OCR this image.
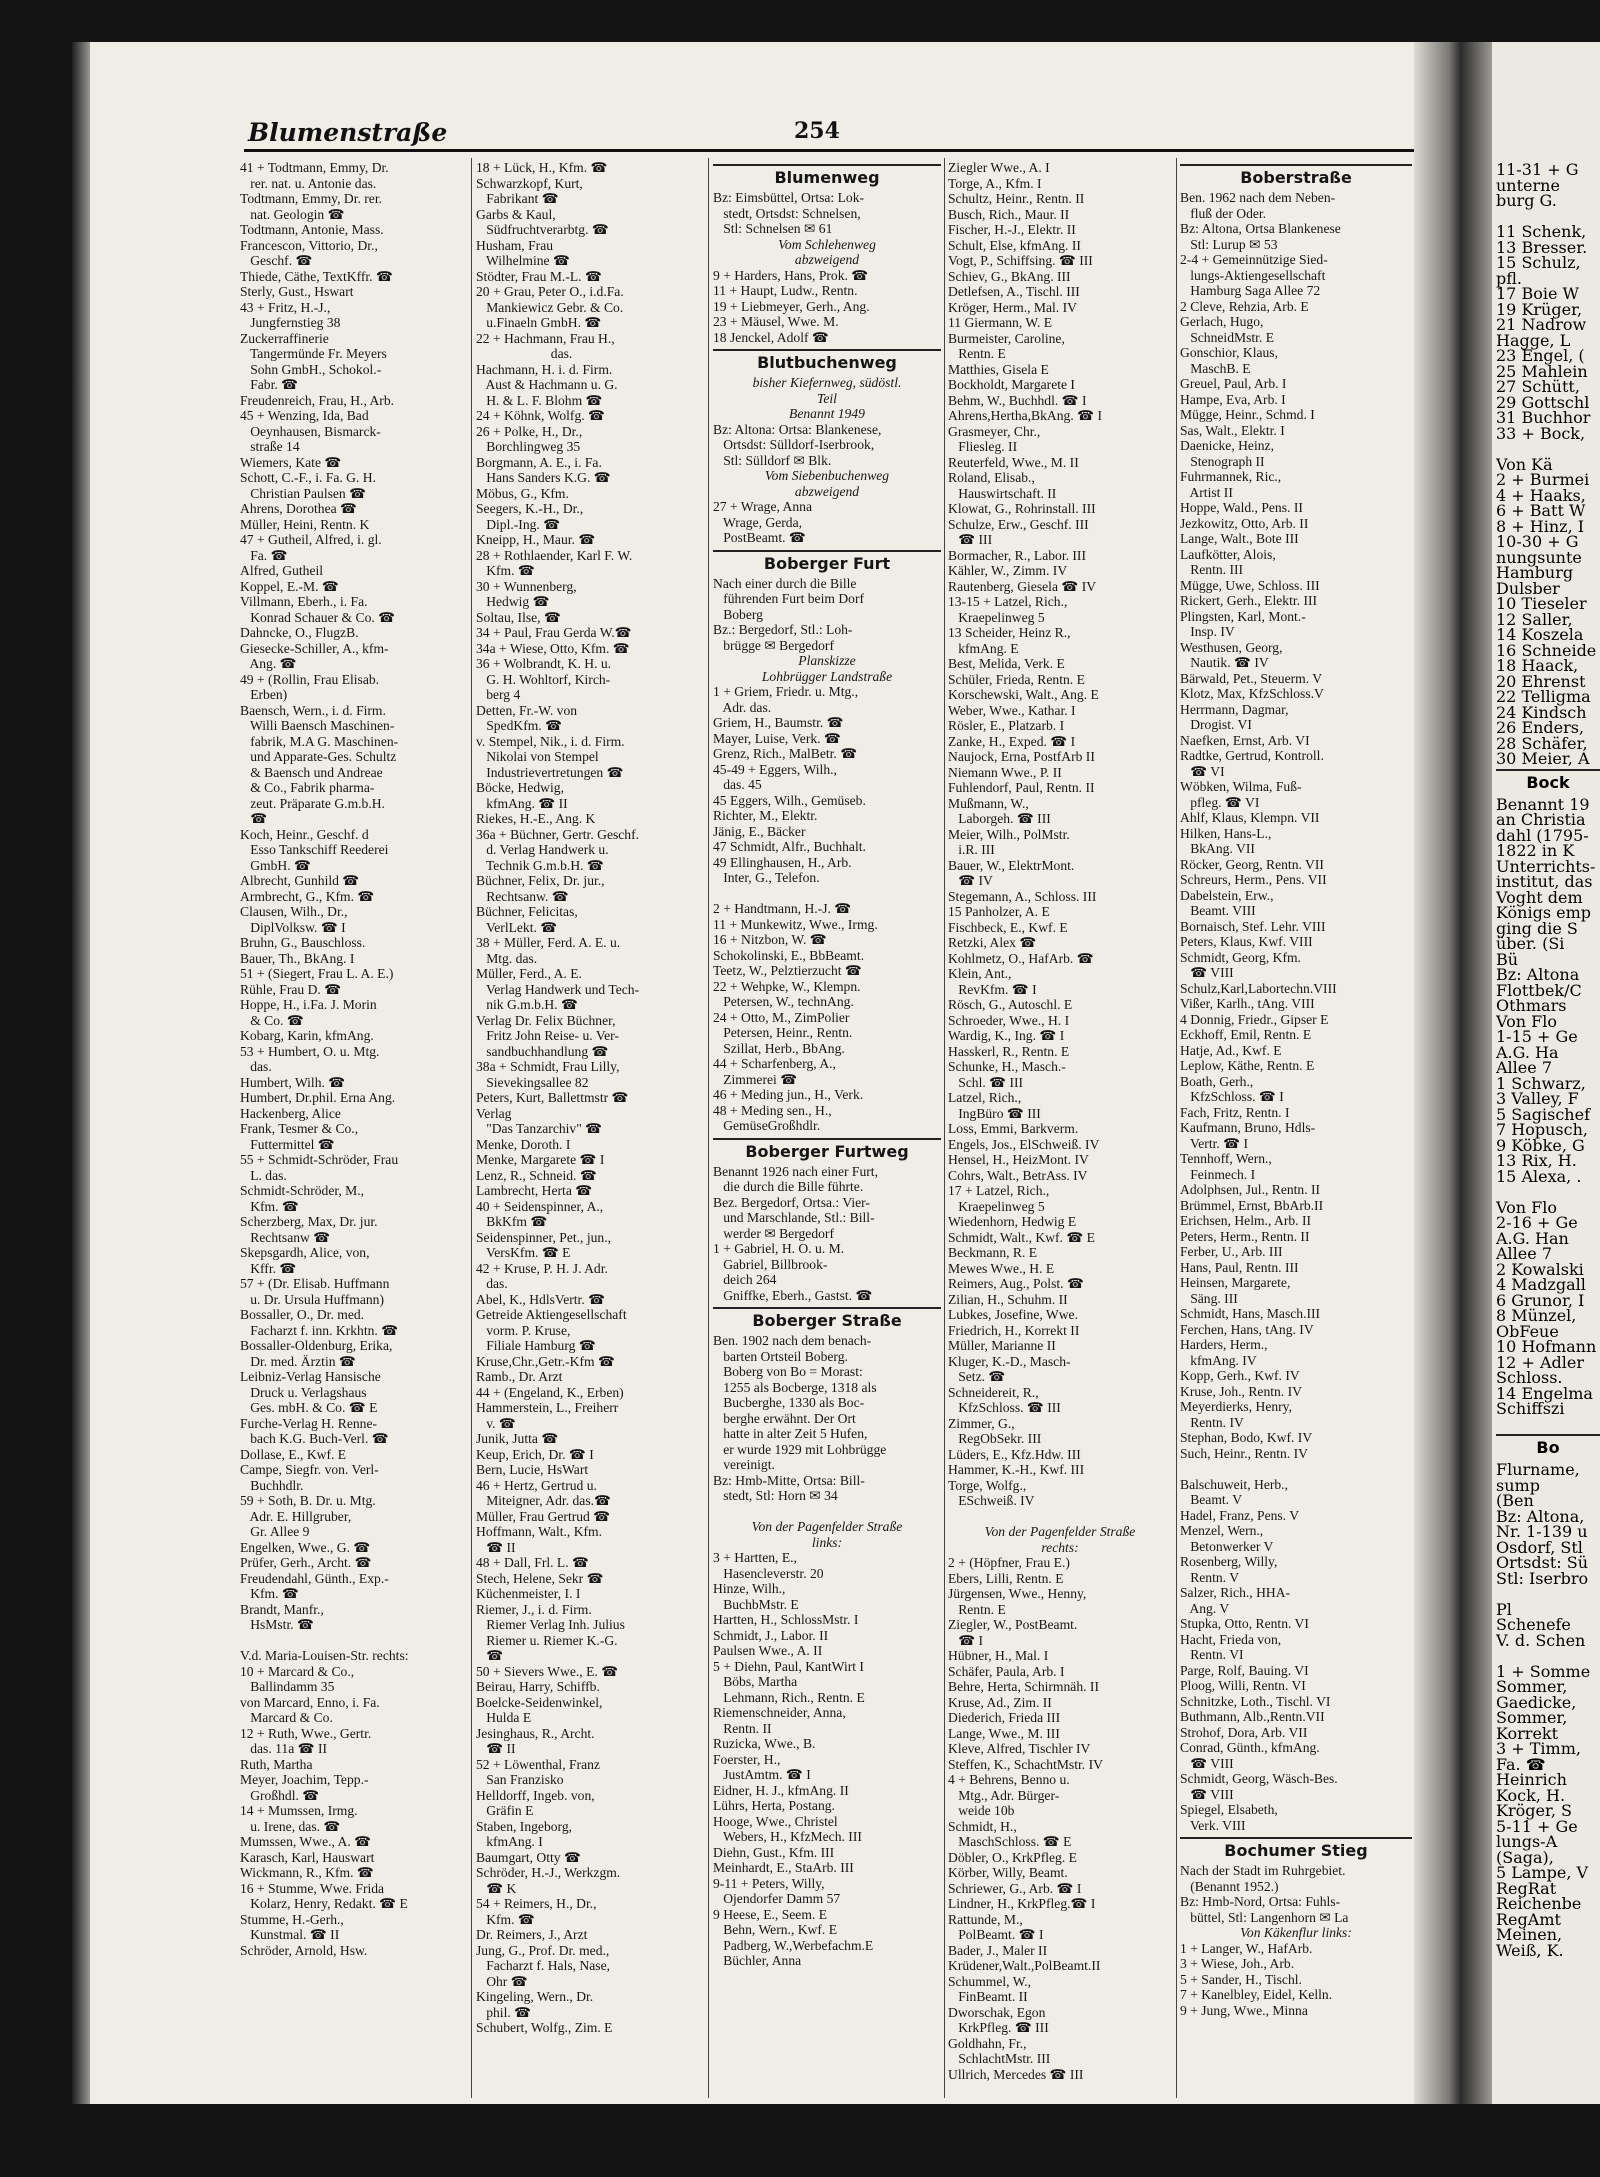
11-31 + G
unterne
burg G.
11 Schenk,
13 Bresser.
15 Schulz,
pfl.
17 Boie W
19 Krüger,
21 Nadrow
Hagge, L
23 Engel, (
25 Mahlein
27 Schütt,
29 Gottschl
31 Buchhor
33 + Bock,
Von Kä
2 + Burmei
4 + Haaks,
6 + Batt W
8 + Hinz, I
10-30 + G
nungsunte
Hamburg
Dulsber
10 Tieseler
12 Saller,
14 Koszela
16 Schneide
18 Haack,
20 Ehrenst
22 Telligma
24 Kindsch
26 Enders,
28 Schäfer,
30 Meier, A
Bock
Benannt 19
an Christia
dahl (1795-
1822 in K
Unterrichts-
institut, das
Voght dem
Königs emp
ging die S
über. (Si
Bü
Bz: Altona
Flottbek/C
Othmars
Von Flo
1-15 + Ge
A.G. Ha
Allee 7
1 Schwarz,
3 Valley, F
5 Sagischef
7 Hopusch,
9 Köbke, G
13 Rix, H.
15 Alexa, .
Von Flo
2-16 + Ge
A.G. Han
Allee 7
2 Kowalski
4 Madzgall
6 Grunor, I
8 Münzel,
ObFeue
10 Hofmann
12 + Adler
Schloss.
14 Engelma
Schiffszi
Bo
Flurname,
sump
(Ben
Bz: Altona,
Nr. 1-139 u
Osdorf, Stl
Ortsdst: Sü
Stl: Iserbro
Pl
Schenefe
V. d. Schen
1 + Somme
Sommer,
Gaedicke,
Sommer,
Korrekt
3 + Timm,
Fa. ☎
Heinrich
Kock, H.
Kröger, S
5-11 + Ge
lungs-A
(Saga),
5 Lampe, V
RegRat
Reichenbe
RegAmt
Meinen,
Weiß, K.
Blumenstraße	254
41 + Todtmann, Emmy, Dr.
rer. nat. u. Antonie das.
Todtmann, Emmy, Dr. rer.
nat. Geologin ☎
Todtmann, Antonie, Mass.
Francescon, Vittorio, Dr.,
Geschf. ☎
Thiede, Cäthe, TextKffr. ☎
Sterly, Gust., Hswart
43 + Fritz, H.-J.,
Jungfernstieg 38
Zuckerraffinerie
Tangermünde Fr. Meyers
Sohn GmbH., Schokol.-
Fabr. ☎
Freudenreich, Frau, H., Arb.
45 + Wenzing, Ida, Bad
Oeynhausen, Bismarck-
straße 14
Wiemers, Kate ☎
Schott, C.-F., i. Fa. G. H.
Christian Paulsen ☎
Ahrens, Dorothea ☎
Müller, Heini, Rentn. K
47 + Gutheil, Alfred, i. gl.
Fa. ☎
Alfred, Gutheil
Koppel, E.-M. ☎
Villmann, Eberh., i. Fa.
Konrad Schauer & Co. ☎
Dahncke, O., FlugzB.
Giesecke-Schiller, A., kfm-
Ang. ☎
49 + (Rollin, Frau Elisab.
Erben)
Baensch, Wern., i. d. Firm.
Willi Baensch Maschinen-
fabrik, M.A G. Maschinen-
und Apparate-Ges. Schultz
& Baensch und Andreae
& Co., Fabrik pharma-
zeut. Präparate G.m.b.H.
☎
Koch, Heinr., Geschf. d
Esso Tankschiff Reederei
GmbH. ☎
Albrecht, Gunhild ☎
Armbrecht, G., Kfm. ☎
Clausen, Wilh., Dr.,
DiplVolksw. ☎ I
Bruhn, G., Bauschloss.
Bauer, Th., BkAng. I
51 + (Siegert, Frau L. A. E.)
Rühle, Frau D. ☎
Hoppe, H., i.Fa. J. Morin
& Co. ☎
Kobarg, Karin, kfmAng.
53 + Humbert, O. u. Mtg.
das.
Humbert, Wilh. ☎
Humbert, Dr.phil. Erna Ang.
Hackenberg, Alice
Frank, Tesmer & Co.,
Futtermittel ☎
55 + Schmidt-Schröder, Frau
L. das.
Schmidt-Schröder, M.,
Kfm. ☎
Scherzberg, Max, Dr. jur.
Rechtsanw ☎
Skepsgardh, Alice, von,
Kffr. ☎
57 + (Dr. Elisab. Huffmann
u. Dr. Ursula Huffmann)
Bossaller, O., Dr. med.
Facharzt f. inn. Krkhtn. ☎
Bossaller-Oldenburg, Erika,
Dr. med. Ärztin ☎
Leibniz-Verlag Hansische
Druck u. Verlagshaus
Ges. mbH. & Co. ☎ E
Furche-Verlag H. Renne-
bach K.G. Buch-Verl. ☎
Dollase, E., Kwf. E
Campe, Siegfr. von. Verl-
Buchhdlr.
59 + Soth, B. Dr. u. Mtg.
Adr. E. Hillgruber,
Gr. Allee 9
Engelken, Wwe., G. ☎
Prüfer, Gerh., Archt. ☎
Freudendahl, Günth., Exp.-
Kfm. ☎
Brandt, Manfr.,
HsMstr. ☎
V.d. Maria-Louisen-Str. rechts:
10 + Marcard & Co.,
Ballindamm 35
von Marcard, Enno, i. Fa.
Marcard & Co.
12 + Ruth, Wwe., Gertr.
das. 11a ☎ II
Ruth, Martha
Meyer, Joachim, Tepp.-
Großhdl. ☎
14 + Mumssen, Irmg.
u. Irene, das. ☎
Mumssen, Wwe., A. ☎
Karasch, Karl, Hauswart
Wickmann, R., Kfm. ☎
16 + Stumme, Wwe. Frida
Kolarz, Henry, Redakt. ☎ E
Stumme, H.-Gerh.,
Kunstmal. ☎ II
Schröder, Arnold, Hsw.
18 + Lück, H., Kfm. ☎
Schwarzkopf, Kurt,
Fabrikant ☎
Garbs & Kaul,
Südfruchtverarbtg. ☎
Husham, Frau
Wilhelmine ☎
Stödter, Frau M.-L. ☎
20 + Grau, Peter O., i.d.Fa.
Mankiewicz Gebr. & Co.
u.Finaeln GmbH. ☎
22 + Hachmann, Frau H.,
das.
Hachmann, H. i. d. Firm.
Aust & Hachmann u. G.
H. & L. F. Blohm ☎
24 + Köhnk, Wolfg. ☎
26 + Polke, H., Dr.,
Borchlingweg 35
Borgmann, A. E., i. Fa.
Hans Sanders K.G. ☎
Möbus, G., Kfm.
Seegers, K.-H., Dr.,
Dipl.-Ing. ☎
Kneipp, H., Maur. ☎
28 + Rothlaender, Karl F. W.
Kfm. ☎
30 + Wunnenberg,
Hedwig ☎
Soltau, Ilse, ☎
34 + Paul, Frau Gerda W.☎
34a + Wiese, Otto, Kfm. ☎
36 + Wolbrandt, K. H. u.
G. H. Wohltorf, Kirch-
berg 4
Detten, Fr.-W. von
SpedKfm. ☎
v. Stempel, Nik., i. d. Firm.
Nikolai von Stempel
Industrievertretungen ☎
Böcke, Hedwig,
kfmAng. ☎ II
Riekes, H.-E., Ang. K
36a + Büchner, Gertr. Geschf.
d. Verlag Handwerk u.
Technik G.m.b.H. ☎
Büchner, Felix, Dr. jur.,
Rechtsanw. ☎
Büchner, Felicitas,
VerlLekt. ☎
38 + Müller, Ferd. A. E. u.
Mtg. das.
Müller, Ferd., A. E.
Verlag Handwerk und Tech-
nik G.m.b.H. ☎
Verlag Dr. Felix Büchner,
Fritz John Reise- u. Ver-
sandbuchhandlung ☎
38a + Schmidt, Frau Lilly,
Sievekingsallee 82
Peters, Kurt, Ballettmstr ☎
Verlag
"Das Tanzarchiv" ☎
Menke, Doroth. I
Menke, Margarete ☎ I
Lenz, R., Schneid. ☎
Lambrecht, Herta ☎
40 + Seidenspinner, A.,
BkKfm ☎
Seidenspinner, Pet., jun.,
VersKfm. ☎ E
42 + Kruse, P. H. J. Adr.
das.
Abel, K., HdlsVertr. ☎
Getreide Aktiengesellschaft
vorm. P. Kruse,
Filiale Hamburg ☎
Kruse,Chr.,Getr.-Kfm ☎
Ramb., Dr. Arzt
44 + (Engeland, K., Erben)
Hammerstein, L., Freiherr
v. ☎
Junik, Jutta ☎
Keup, Erich, Dr. ☎ I
Bern, Lucie, HsWart
46 + Hertz, Gertrud u.
Miteigner, Adr. das.☎
Müller, Frau Gertrud ☎
Hoffmann, Walt., Kfm.
☎ II
48 + Dall, Frl. L. ☎
Stech, Helene, Sekr ☎
Küchenmeister, I. I
Riemer, J., i. d. Firm.
Riemer Verlag Inh. Julius
Riemer u. Riemer K.-G.
☎
50 + Sievers Wwe., E. ☎
Beirau, Harry, Schiffb.
Boelcke-Seidenwinkel,
Hulda E
Jesinghaus, R., Archt.
☎ II
52 + Löwenthal, Franz
San Franzisko
Helldorff, Ingeb. von,
Gräfin E
Staben, Ingeborg,
kfmAng. I
Baumgart, Otty ☎
Schröder, H.-J., Werkzgm.
☎ K
54 + Reimers, H., Dr.,
Kfm. ☎
Dr. Reimers, J., Arzt
Jung, G., Prof. Dr. med.,
Facharzt f. Hals, Nase,
Ohr ☎
Kingeling, Wern., Dr.
phil. ☎
Schubert, Wolfg., Zim. E
Blumenweg
Bz: Eimsbüttel, Ortsa: Lok-
stedt, Ortsdst: Schnelsen,
Stl: Schnelsen ✉ 61
Vom Schlehenweg
abzweigend
9 + Harders, Hans, Prok. ☎
11 + Haupt, Ludw., Rentn.
19 + Liebmeyer, Gerh., Ang.
23 + Mäusel, Wwe. M.
18 Jenckel, Adolf ☎
Blutbuchenweg
bisher Kiefernweg, südöstl.
Teil
Benannt 1949
Bz: Altona: Ortsa: Blankenese,
Ortsdst: Sülldorf-Iserbrook,
Stl: Sülldorf ✉ Blk.
Vom Siebenbuchenweg
abzweigend
27 + Wrage, Anna
Wrage, Gerda,
PostBeamt. ☎
Boberger Furt
Nach einer durch die Bille
führenden Furt beim Dorf
Boberg
Bz.: Bergedorf, Stl.: Loh-
brügge ✉ Bergedorf
Planskizze
Lohbrügger Landstraße
1 + Griem, Friedr. u. Mtg.,
Adr. das.
Griem, H., Baumstr. ☎
Mayer, Luise, Verk. ☎
Grenz, Rich., MalBetr. ☎
45-49 + Eggers, Wilh.,
das. 45
45 Eggers, Wilh., Gemüseb.
Richter, M., Elektr.
Jänig, E., Bäcker
47 Schmidt, Alfr., Buchhalt.
49 Ellinghausen, H., Arb.
Inter, G., Telefon.
2 + Handtmann, H.-J. ☎
11 + Munkewitz, Wwe., Irmg.
16 + Nitzbon, W. ☎
Schokolinski, E., BbBeamt.
Teetz, W., Pelztierzucht ☎
22 + Wehpke, W., Klempn.
Petersen, W., technAng.
24 + Otto, M., ZimPolier
Petersen, Heinr., Rentn.
Szillat, Herb., BbAng.
44 + Scharfenberg, A.,
Zimmerei ☎
46 + Meding jun., H., Verk.
48 + Meding sen., H.,
GemüseGroßhdlr.
Boberger Furtweg
Benannt 1926 nach einer Furt,
die durch die Bille führte.
Bez. Bergedorf, Ortsa.: Vier-
und Marschlande, Stl.: Bill-
werder ✉ Bergedorf
1 + Gabriel, H. O. u. M.
Gabriel, Billbrook-
deich 264
Gniffke, Eberh., Gastst. ☎
Boberger Straße
Ben. 1902 nach dem benach-
barten Ortsteil Boberg.
Boberg von Bo = Morast:
1255 als Bocberge, 1318 als
Bucberghe, 1330 als Boc-
berghe erwähnt. Der Ort
hatte in alter Zeit 5 Hufen,
er wurde 1929 mit Lohbrügge
vereinigt.
Bz: Hmb-Mitte, Ortsa: Bill-
stedt, Stl: Horn ✉ 34
Von der Pagenfelder Straße
links:
3 + Hartten, E.,
Hasencleverstr. 20
Hinze, Wilh.,
BuchbMstr. E
Hartten, H., SchlossMstr. I
Schmidt, J., Labor. II
Paulsen Wwe., A. II
5 + Diehn, Paul, KantWirt I
Böbs, Martha
Lehmann, Rich., Rentn. E
Riemenschneider, Anna,
Rentn. II
Ruzicka, Wwe., B.
Foerster, H.,
JustAmtm. ☎ I
Eidner, H. J., kfmAng. II
Lührs, Herta, Postang.
Hooge, Wwe., Christel
Webers, H., KfzMech. III
Diehn, Gust., Kfm. III
Meinhardt, E., StaArb. III
9-11 + Peters, Willy,
Ojendorfer Damm 57
9 Heese, E., Seem. E
Behn, Wern., Kwf. E
Padberg, W.,Werbefachm.E
Büchler, Anna
Ziegler Wwe., A. I
Torge, A., Kfm. I
Schultz, Heinr., Rentn. II
Busch, Rich., Maur. II
Fischer, H.-J., Elektr. II
Schult, Else, kfmAng. II
Vogt, P., Schiffsing. ☎ III
Schiev, G., BkAng. III
Detlefsen, A., Tischl. III
Kröger, Herm., Mal. IV
11 Giermann, W. E
Burmeister, Caroline,
Rentn. E
Matthies, Gisela E
Bockholdt, Margarete I
Behm, W., Buchhdl. ☎ I
Ahrens,Hertha,BkAng. ☎ I
Grasmeyer, Chr.,
Fliesleg. II
Reuterfeld, Wwe., M. II
Roland, Elisab.,
Hauswirtschaft. II
Klowat, G., Rohrinstall. III
Schulze, Erw., Geschf. III
☎ III
Bormacher, R., Labor. III
Kähler, W., Zimm. IV
Rautenberg, Giesela ☎ IV
13-15 + Latzel, Rich.,
Kraepelinweg 5
13 Scheider, Heinz R.,
kfmAng. E
Best, Melida, Verk. E
Schüler, Frieda, Rentn. E
Korschewski, Walt., Ang. E
Weber, Wwe., Kathar. I
Rösler, E., Platzarb. I
Zanke, H., Exped. ☎ I
Naujock, Erna, PostfArb II
Niemann Wwe., P. II
Fuhlendorf, Paul, Rentn. II
Mußmann, W.,
Laborgeh. ☎ III
Meier, Wilh., PolMstr.
i.R. III
Bauer, W., ElektrMont.
☎ IV
Stegemann, A., Schloss. III
15 Panholzer, A. E
Fischbeck, E., Kwf. E
Retzki, Alex ☎
Kohlmetz, O., HafArb. ☎
Klein, Ant.,
RevKfm. ☎ I
Rösch, G., Autoschl. E
Schroeder, Wwe., H. I
Wardig, K., Ing. ☎ I
Hasskerl, R., Rentn. E
Schunke, H., Masch.-
Schl. ☎ III
Latzel, Rich.,
IngBüro ☎ III
Loss, Emmi, Barkverm.
Engels, Jos., ElSchweiß. IV
Hensel, H., HeizMont. IV
Cohrs, Walt., BetrAss. IV
17 + Latzel, Rich.,
Kraepelinweg 5
Wiedenhorn, Hedwig E
Schmidt, Walt., Kwf. ☎ E
Beckmann, R. E
Mewes Wwe., H. E
Reimers, Aug., Polst. ☎
Zilian, H., Schuhm. II
Lubkes, Josefine, Wwe.
Friedrich, H., Korrekt II
Müller, Marianne II
Kluger, K.-D., Masch-
Setz. ☎
Schneidereit, R.,
KfzSchloss. ☎ III
Zimmer, G.,
RegObSekr. III
Lüders, E., Kfz.Hdw. III
Hammer, K.-H., Kwf. III
Torge, Wolfg.,
ESchweiß. IV
Von der Pagenfelder Straße
rechts:
2 + (Höpfner, Frau E.)
Ebers, Lilli, Rentn. E
Jürgensen, Wwe., Henny,
Rentn. E
Ziegler, W., PostBeamt.
☎ I
Hübner, H., Mal. I
Schäfer, Paula, Arb. I
Behre, Herta, Schirmnäh. II
Kruse, Ad., Zim. II
Diederich, Frieda III
Lange, Wwe., M. III
Kleve, Alfred, Tischler IV
Steffen, K., SchachtMstr. IV
4 + Behrens, Benno u.
Mtg., Adr. Bürger-
weide 10b
Schmidt, H.,
MaschSchloss. ☎ E
Döbler, O., KrkPfleg. E
Körber, Willy, Beamt.
Schriewer, G., Arb. ☎ I
Lindner, H., KrkPfleg.☎ I
Rattunde, M.,
PolBeamt. ☎ I
Bader, J., Maler II
Krüdener,Walt.,PolBeamt.II
Schummel, W.,
FinBeamt. II
Dworschak, Egon
KrkPfleg. ☎ III
Goldhahn, Fr.,
SchlachtMstr. III
Ullrich, Mercedes ☎ III
Boberstraße
Ben. 1962 nach dem Neben-
fluß der Oder.
Bz: Altona, Ortsa Blankenese
Stl: Lurup ✉ 53
2-4 + Gemeinnützige Sied-
lungs-Aktiengesellschaft
Hamburg Saga Allee 72
2 Cleve, Rehzia, Arb. E
Gerlach, Hugo,
SchneidMstr. E
Gonschior, Klaus,
MaschB. E
Greuel, Paul, Arb. I
Hampe, Eva, Arb. I
Mügge, Heinr., Schmd. I
Sas, Walt., Elektr. I
Daenicke, Heinz,
Stenograph II
Fuhrmannek, Ric.,
Artist II
Hoppe, Wald., Pens. II
Jezkowitz, Otto, Arb. II
Lange, Walt., Bote III
Laufkötter, Alois,
Rentn. III
Mügge, Uwe, Schloss. III
Rickert, Gerh., Elektr. III
Plingsten, Karl, Mont.-
Insp. IV
Westhusen, Georg,
Nautik. ☎ IV
Bärwald, Pet., Steuerm. V
Klotz, Max, KfzSchloss.V
Herrmann, Dagmar,
Drogist. VI
Naefken, Ernst, Arb. VI
Radtke, Gertrud, Kontroll.
☎ VI
Wöbken, Wilma, Fuß-
pfleg. ☎ VI
Ahlf, Klaus, Klempn. VII
Hilken, Hans-L.,
BkAng. VII
Röcker, Georg, Rentn. VII
Schreurs, Herm., Pens. VII
Dabelstein, Erw.,
Beamt. VIII
Bornaisch, Stef. Lehr. VIII
Peters, Klaus, Kwf. VIII
Schmidt, Georg, Kfm.
☎ VIII
Schulz,Karl,Labortechn.VIII
Vißer, Karlh., tAng. VIII
4 Donnig, Friedr., Gipser E
Eckhoff, Emil, Rentn. E
Hatje, Ad., Kwf. E
Leplow, Käthe, Rentn. E
Boath, Gerh.,
KfzSchloss. ☎ I
Fach, Fritz, Rentn. I
Kaufmann, Bruno, Hdls-
Vertr. ☎ I
Tennhoff, Wern.,
Feinmech. I
Adolphsen, Jul., Rentn. II
Brümmel, Ernst, BbArb.II
Erichsen, Helm., Arb. II
Peters, Herm., Rentn. II
Ferber, U., Arb. III
Hans, Paul, Rentn. III
Heinsen, Margarete,
Säng. III
Schmidt, Hans, Masch.III
Ferchen, Hans, tAng. IV
Harders, Herm.,
kfmAng. IV
Kopp, Gerh., Kwf. IV
Kruse, Joh., Rentn. IV
Meyerdierks, Henry,
Rentn. IV
Stephan, Bodo, Kwf. IV
Such, Heinr., Rentn. IV
Balschuweit, Herb.,
Beamt. V
Hadel, Franz, Pens. V
Menzel, Wern.,
Betonwerker V
Rosenberg, Willy,
Rentn. V
Salzer, Rich., HHA-
Ang. V
Stupka, Otto, Rentn. VI
Hacht, Frieda von,
Rentn. VI
Parge, Rolf, Bauing. VI
Ploog, Willi, Rentn. VI
Schnitzke, Loth., Tischl. VI
Buthmann, Alb.,Rentn.VII
Strohof, Dora, Arb. VII
Conrad, Günth., kfmAng.
☎ VIII
Schmidt, Georg, Wäsch-Bes.
☎ VIII
Spiegel, Elsabeth,
Verk. VIII
Bochumer Stieg
Nach der Stadt im Ruhrgebiet.
(Benannt 1952.)
Bz: Hmb-Nord, Ortsa: Fuhls-
büttel, Stl: Langenhorn ✉ La
Von Käkenflur links:
1 + Langer, W., HafArb.
3 + Wiese, Joh., Arb.
5 + Sander, H., Tischl.
7 + Kanelbley, Eidel, Kelln.
9 + Jung, Wwe., Minna
